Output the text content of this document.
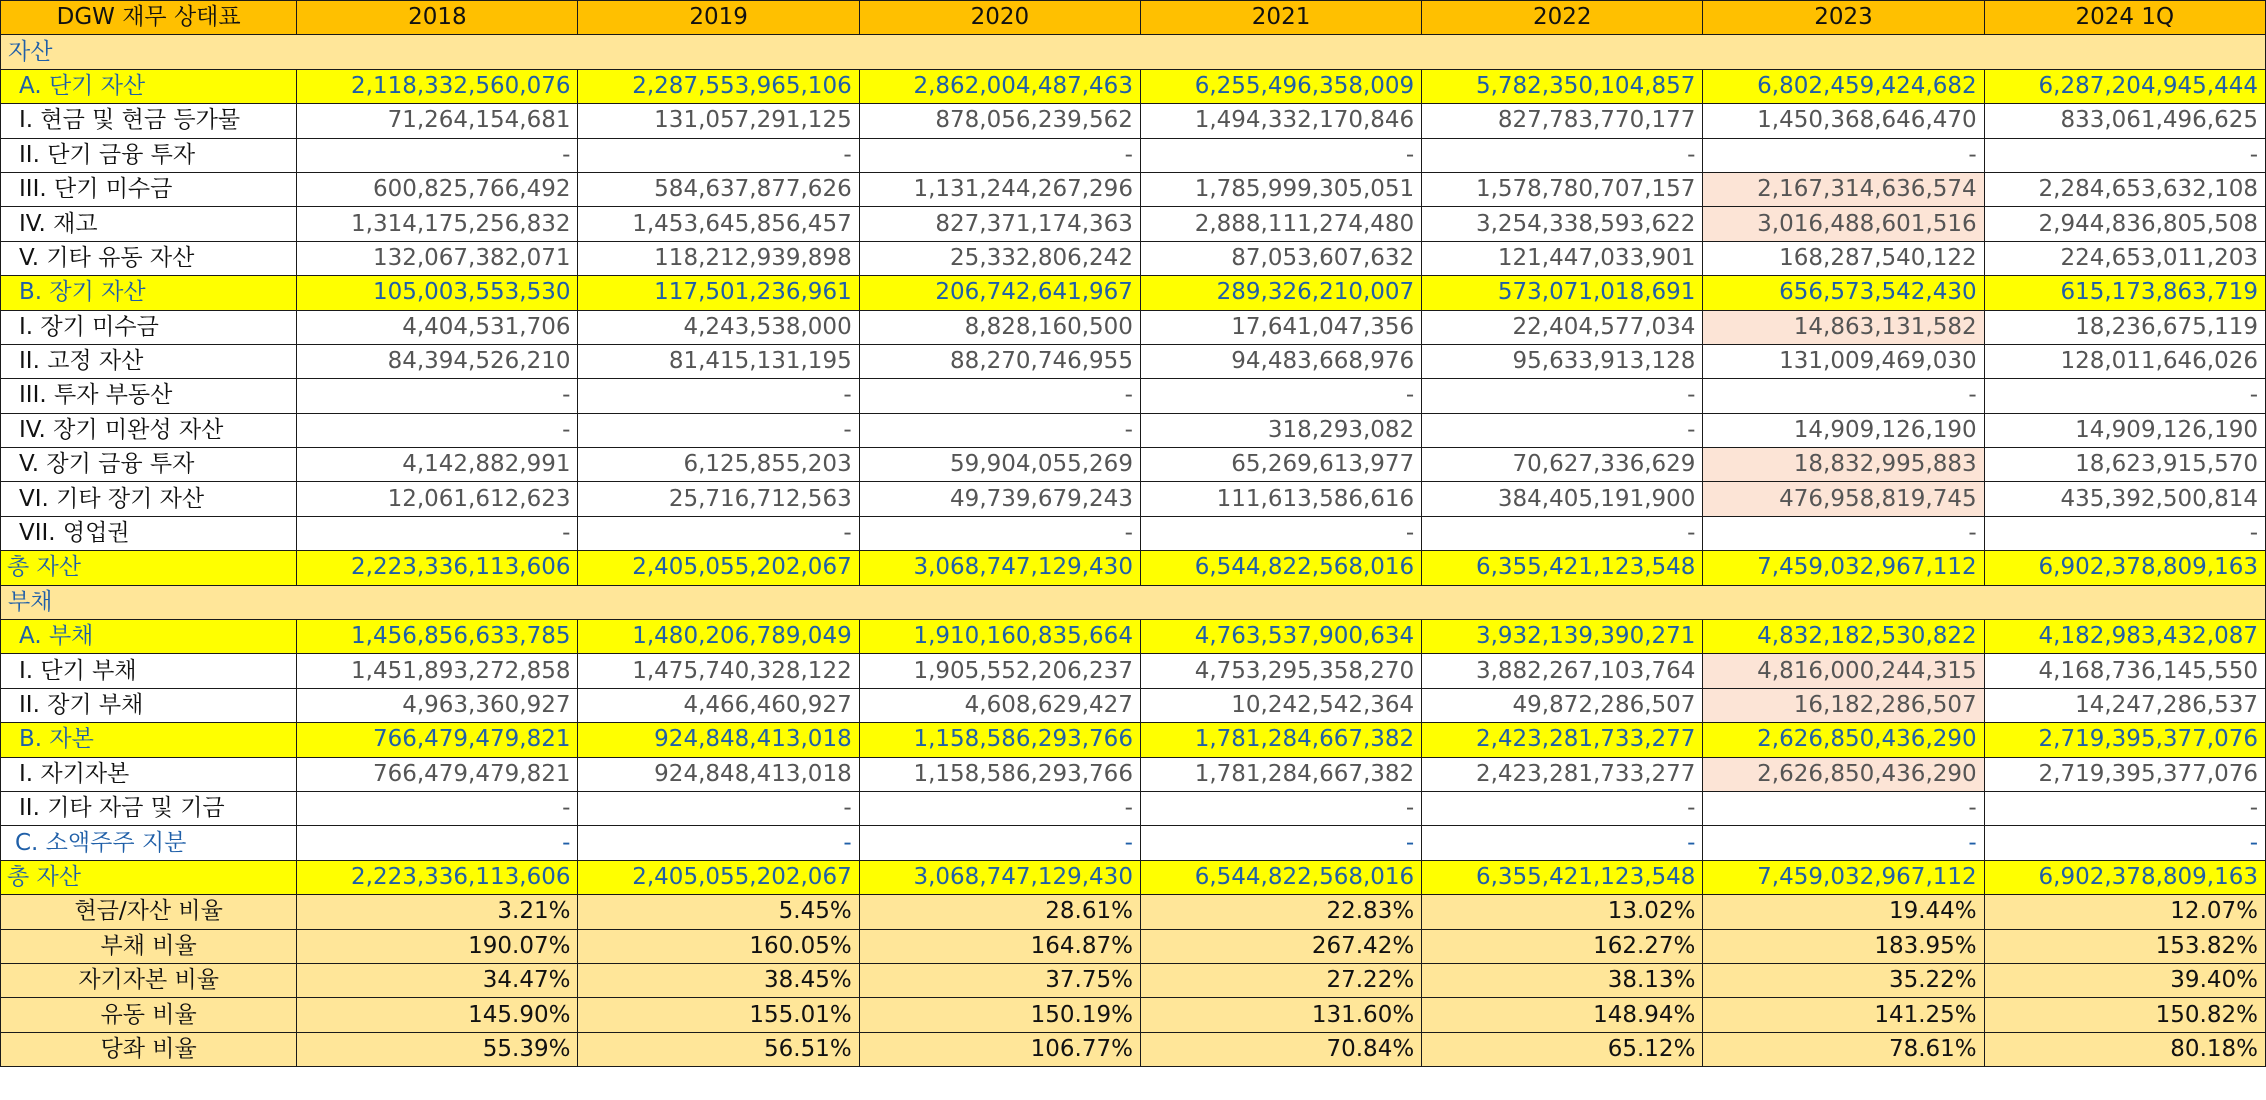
DGW 재무 상태표	2018	2019	2020	2021	2022	2023	2024 1Q
자산							
A. 단기 자산	2,118,332,560,076	2,287,553,965,106	2,862,004,487,463	6,255,496,358,009	5,782,350,104,857	6,802,459,424,682	6,287,204,945,444
I. 현금 및 현금 등가물	71,264,154,681	131,057,291,125	878,056,239,562	1,494,332,170,846	827,783,770,177	1,450,368,646,470	833,061,496,625
II. 단기 금융 투자	-	-	-	-	-	-	-
III. 단기 미수금	600,825,766,492	584,637,877,626	1,131,244,267,296	1,785,999,305,051	1,578,780,707,157	2,167,314,636,574	2,284,653,632,108
IV. 재고	1,314,175,256,832	1,453,645,856,457	827,371,174,363	2,888,111,274,480	3,254,338,593,622	3,016,488,601,516	2,944,836,805,508
V. 기타 유동 자산	132,067,382,071	118,212,939,898	25,332,806,242	87,053,607,632	121,447,033,901	168,287,540,122	224,653,011,203
B. 장기 자산	105,003,553,530	117,501,236,961	206,742,641,967	289,326,210,007	573,071,018,691	656,573,542,430	615,173,863,719
I. 장기 미수금	4,404,531,706	4,243,538,000	8,828,160,500	17,641,047,356	22,404,577,034	14,863,131,582	18,236,675,119
II. 고정 자산	84,394,526,210	81,415,131,195	88,270,746,955	94,483,668,976	95,633,913,128	131,009,469,030	128,011,646,026
III. 투자 부동산	-	-	-	-	-	-	-
IV. 장기 미완성 자산	-	-	-	318,293,082	-	14,909,126,190	14,909,126,190
V. 장기 금융 투자	4,142,882,991	6,125,855,203	59,904,055,269	65,269,613,977	70,627,336,629	18,832,995,883	18,623,915,570
VI. 기타 장기 자산	12,061,612,623	25,716,712,563	49,739,679,243	111,613,586,616	384,405,191,900	476,958,819,745	435,392,500,814
VII. 영업권	-	-	-	-	-	-	-
총 자산	2,223,336,113,606	2,405,055,202,067	3,068,747,129,430	6,544,822,568,016	6,355,421,123,548	7,459,032,967,112	6,902,378,809,163
부채							
A. 부채	1,456,856,633,785	1,480,206,789,049	1,910,160,835,664	4,763,537,900,634	3,932,139,390,271	4,832,182,530,822	4,182,983,432,087
I. 단기 부채	1,451,893,272,858	1,475,740,328,122	1,905,552,206,237	4,753,295,358,270	3,882,267,103,764	4,816,000,244,315	4,168,736,145,550
II. 장기 부채	4,963,360,927	4,466,460,927	4,608,629,427	10,242,542,364	49,872,286,507	16,182,286,507	14,247,286,537
B. 자본	766,479,479,821	924,848,413,018	1,158,586,293,766	1,781,284,667,382	2,423,281,733,277	2,626,850,436,290	2,719,395,377,076
I. 자기자본	766,479,479,821	924,848,413,018	1,158,586,293,766	1,781,284,667,382	2,423,281,733,277	2,626,850,436,290	2,719,395,377,076
II. 기타 자금 및 기금	-	-	-	-	-	-	-
C. 소액주주 지분	-	-	-	-	-	-	-
총 자산	2,223,336,113,606	2,405,055,202,067	3,068,747,129,430	6,544,822,568,016	6,355,421,123,548	7,459,032,967,112	6,902,378,809,163
현금/자산 비율	3.21%	5.45%	28.61%	22.83%	13.02%	19.44%	12.07%
부채 비율	190.07%	160.05%	164.87%	267.42%	162.27%	183.95%	153.82%
자기자본 비율	34.47%	38.45%	37.75%	27.22%	38.13%	35.22%	39.40%
유동 비율	145.90%	155.01%	150.19%	131.60%	148.94%	141.25%	150.82%
당좌 비율	55.39%	56.51%	106.77%	70.84%	65.12%	78.61%	80.18%
